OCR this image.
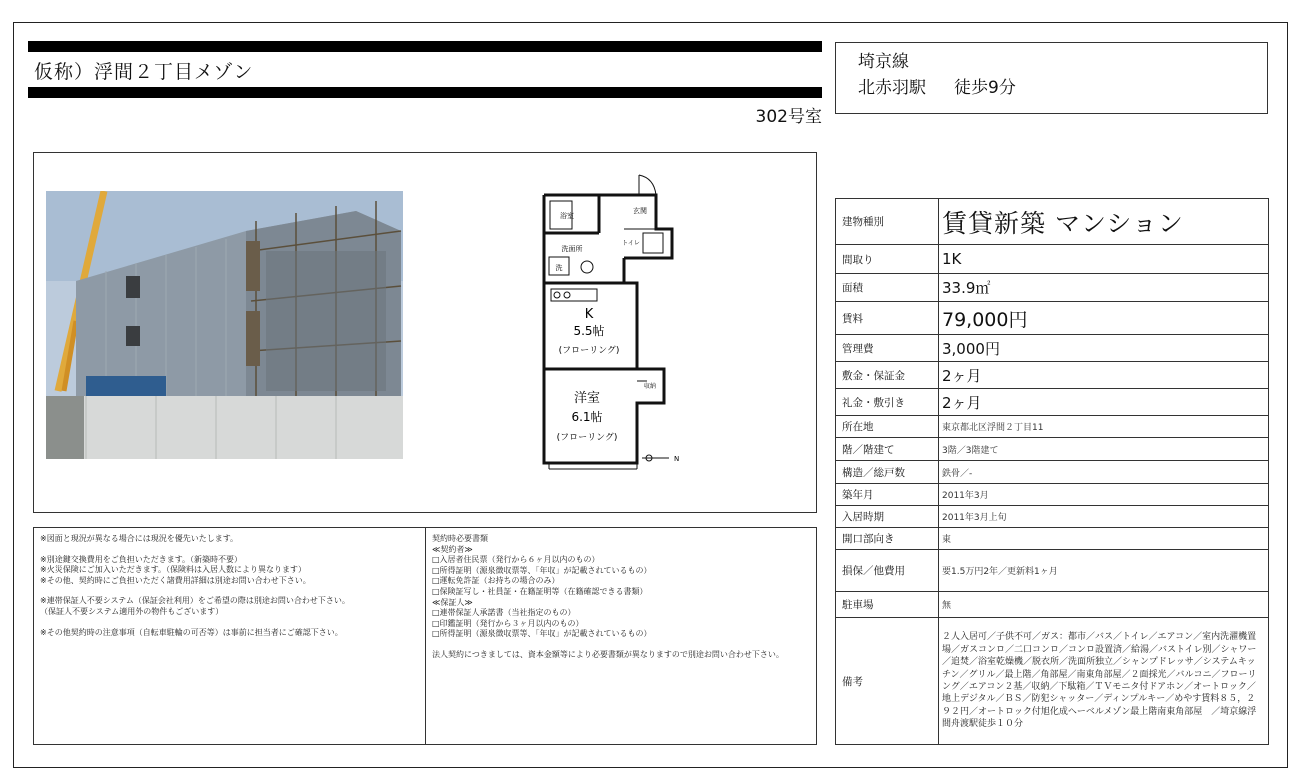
仮称）浮間２丁目メゾン
302号室
埼京線
北赤羽駅 徒歩9分
浴室
玄関
トイレ
洗面所
洗
K
5.5帖
(フローリング)
洋室
6.1帖
(フローリング)
収納
N
※図面と現況が異なる場合には現況を優先いたします。
※別途鍵交換費用をご負担いただきます。（新築時不要）
※火災保険にご加入いただきます。（保険料は入居人数により異なります）
※その他、契約時にご負担いただく諸費用詳細は別途お問い合わせ下さい。
※連帯保証人不要システム（保証会社利用）をご希望の際は別途お問い合わせ下さい。
（保証人不要システム適用外の物件もございます）
※その他契約時の注意事項（自転車駐輪の可否等）は事前に担当者にご確認下さい。
契約時必要書類
≪契約者≫
□入居者住民票（発行から６ヶ月以内のもの）
□所得証明（源泉徴収票等、「年収」が記載されているもの）
□運転免許証（お持ちの場合のみ）
□保険証写し・社員証・在籍証明等（在籍確認できる書類）
≪保証人≫
□連帯保証人承諾書（当社指定のもの）
□印鑑証明（発行から３ヶ月以内のもの）
□所得証明（源泉徴収票等、「年収」が記載されているもの）
法人契約につきましては、資本金額等により必要書類が異なりますので別途お問い合わせ下さい。
建物種別	賃貸新築 マンション
間取り	1K
面積	33.9㎡
賃料	79,000円
管理費	3,000円
敷金・保証金	2ヶ月
礼金・敷引き	2ヶ月
所在地	東京都北区浮間２丁目11
階／階建て	3階／3階建て
構造／総戸数	鉄骨／-
築年月	2011年3月
入居時期	2011年3月上旬
開口部向き	東
損保／他費用	要1.5万円2年／更新料1ヶ月
駐車場	無
備考	２人入居可／子供不可／ガス：都市／バス／トイレ／エアコン／室内洗濯機置場／ガスコンロ／二口コンロ／コンロ設置済／給湯／バストイレ別／シャワー／追焚／浴室乾燥機／脱衣所／洗面所独立／シャンプドレッサ／システムキッチン／グリル／最上階／角部屋／南東角部屋／２面採光／バルコニ／フローリング／エアコン２基／収納／下駄箱／ＴＶモニタ付ドアホン／オートロック／地上デジタル／ＢＳ／防犯シャッター／ディンプルキー／めやす賃料８５，２９２円／オートロック付旭化成ヘーベルメゾン最上階南東角部屋　／埼京線浮間舟渡駅徒歩１０分
